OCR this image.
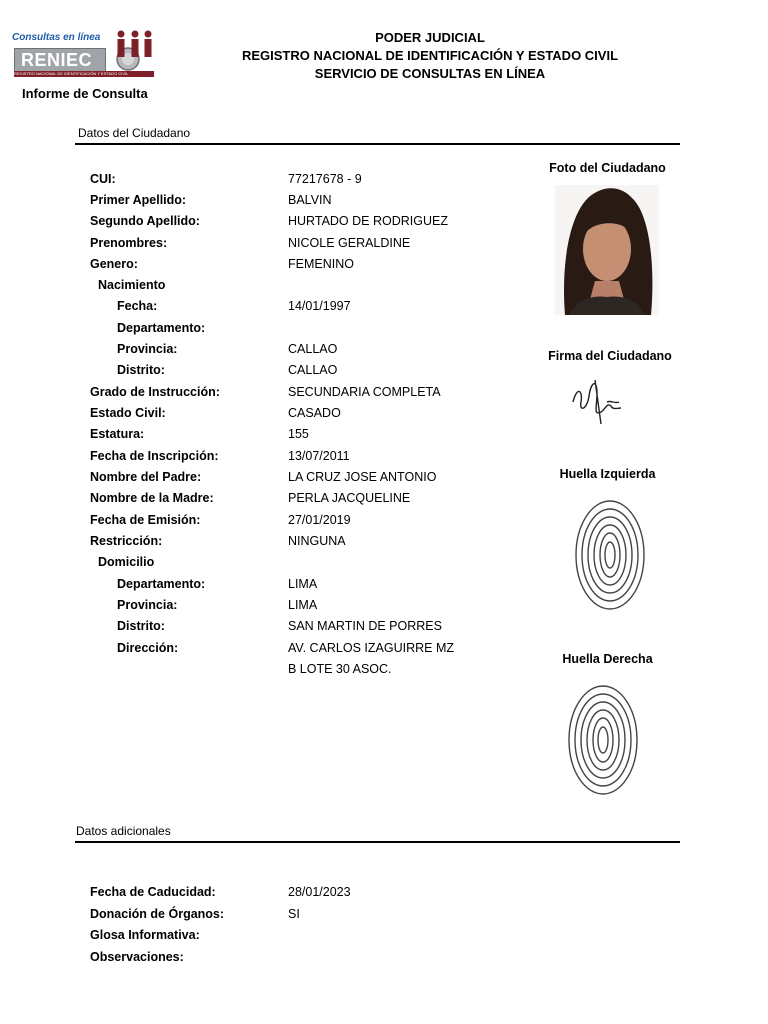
Consultas en línea
RENIEC
REGISTRO NACIONAL DE IDENTIFICACIÓN Y ESTADO CIVIL
Informe de Consulta
PODER JUDICIAL
REGISTRO NACIONAL DE IDENTIFICACIÓN Y ESTADO CIVIL
SERVICIO DE CONSULTAS EN LÍNEA
Datos del Ciudadano
CUI:	77217678 - 9
Primer Apellido:	BALVIN
Segundo Apellido:	HURTADO DE RODRIGUEZ
Prenombres:	NICOLE GERALDINE
Genero:	FEMENINO
Nacimiento
Fecha:	14/01/1997
Departamento:
Provincia:	CALLAO
Distrito:	CALLAO
Grado de Instrucción:	SECUNDARIA COMPLETA
Estado Civil:	CASADO
Estatura:	155
Fecha de Inscripción:	13/07/2011
Nombre del Padre:	LA CRUZ JOSE ANTONIO
Nombre de la Madre:	PERLA JACQUELINE
Fecha de Emisión:	27/01/2019
Restricción:	NINGUNA
Domicilio
Departamento:	LIMA
Provincia:	LIMA
Distrito:	SAN MARTIN DE PORRES
Dirección:	AV. CARLOS IZAGUIRRE MZ
B LOTE 30 ASOC.
Foto del Ciudadano
Firma del Ciudadano
Huella Izquierda
Huella Derecha
Datos adicionales
Fecha de Caducidad:	28/01/2023
Donación de Órganos:	SI
Glosa Informativa:
Observaciones:
